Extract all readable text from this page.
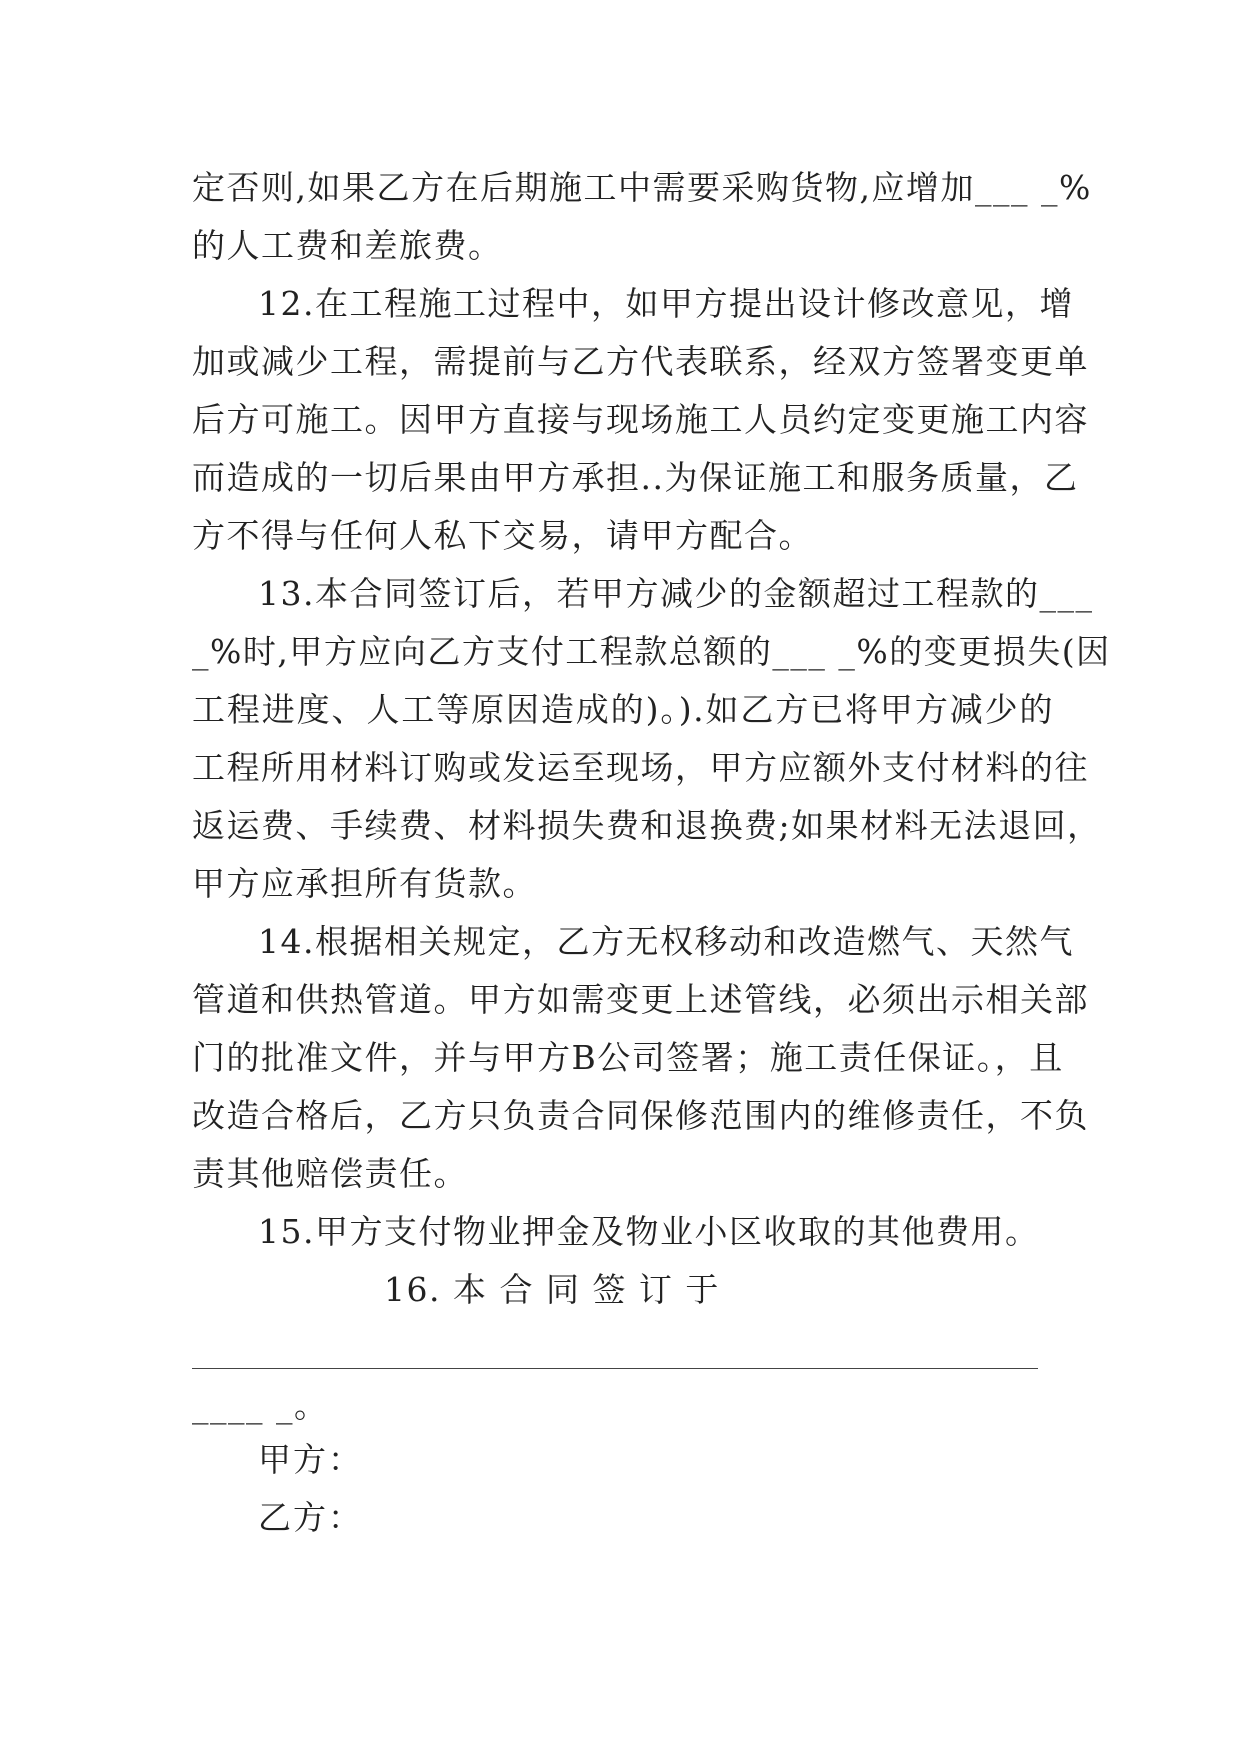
定否则,如果乙方在后期施工中需要采购货物,应增加___ _%
的人工费和差旅费。
12.在工程施工过程中，如甲方提出设计修改意见，增
加或减少工程，需提前与乙方代表联系，经双方签署变更单
后方可施工。因甲方直接与现场施工人员约定变更施工内容
而造成的一切后果由甲方承担..为保证施工和服务质量，乙
方不得与任何人私下交易，请甲方配合。
13.本合同签订后，若甲方减少的金额超过工程款的___
_%时,甲方应向乙方支付工程款总额的___ _%的变更损失(因
工程进度、人工等原因造成的)。).如乙方已将甲方减少的
工程所用材料订购或发运至现场，甲方应额外支付材料的往
返运费、手续费、材料损失费和退换费;如果材料无法退回，
甲方应承担所有货款。
14.根据相关规定，乙方无权移动和改造燃气、天然气
管道和供热管道。甲方如需变更上述管线，必须出示相关部
门的批准文件，并与甲方B公司签署；施工责任保证。，且
改造合格后，乙方只负责合同保修范围内的维修责任，不负
责其他赔偿责任。
15.甲方支付物业押金及物业小区收取的其他费用。
16. 本 合 同 签 订 于
____ _。
甲方：
乙方：
